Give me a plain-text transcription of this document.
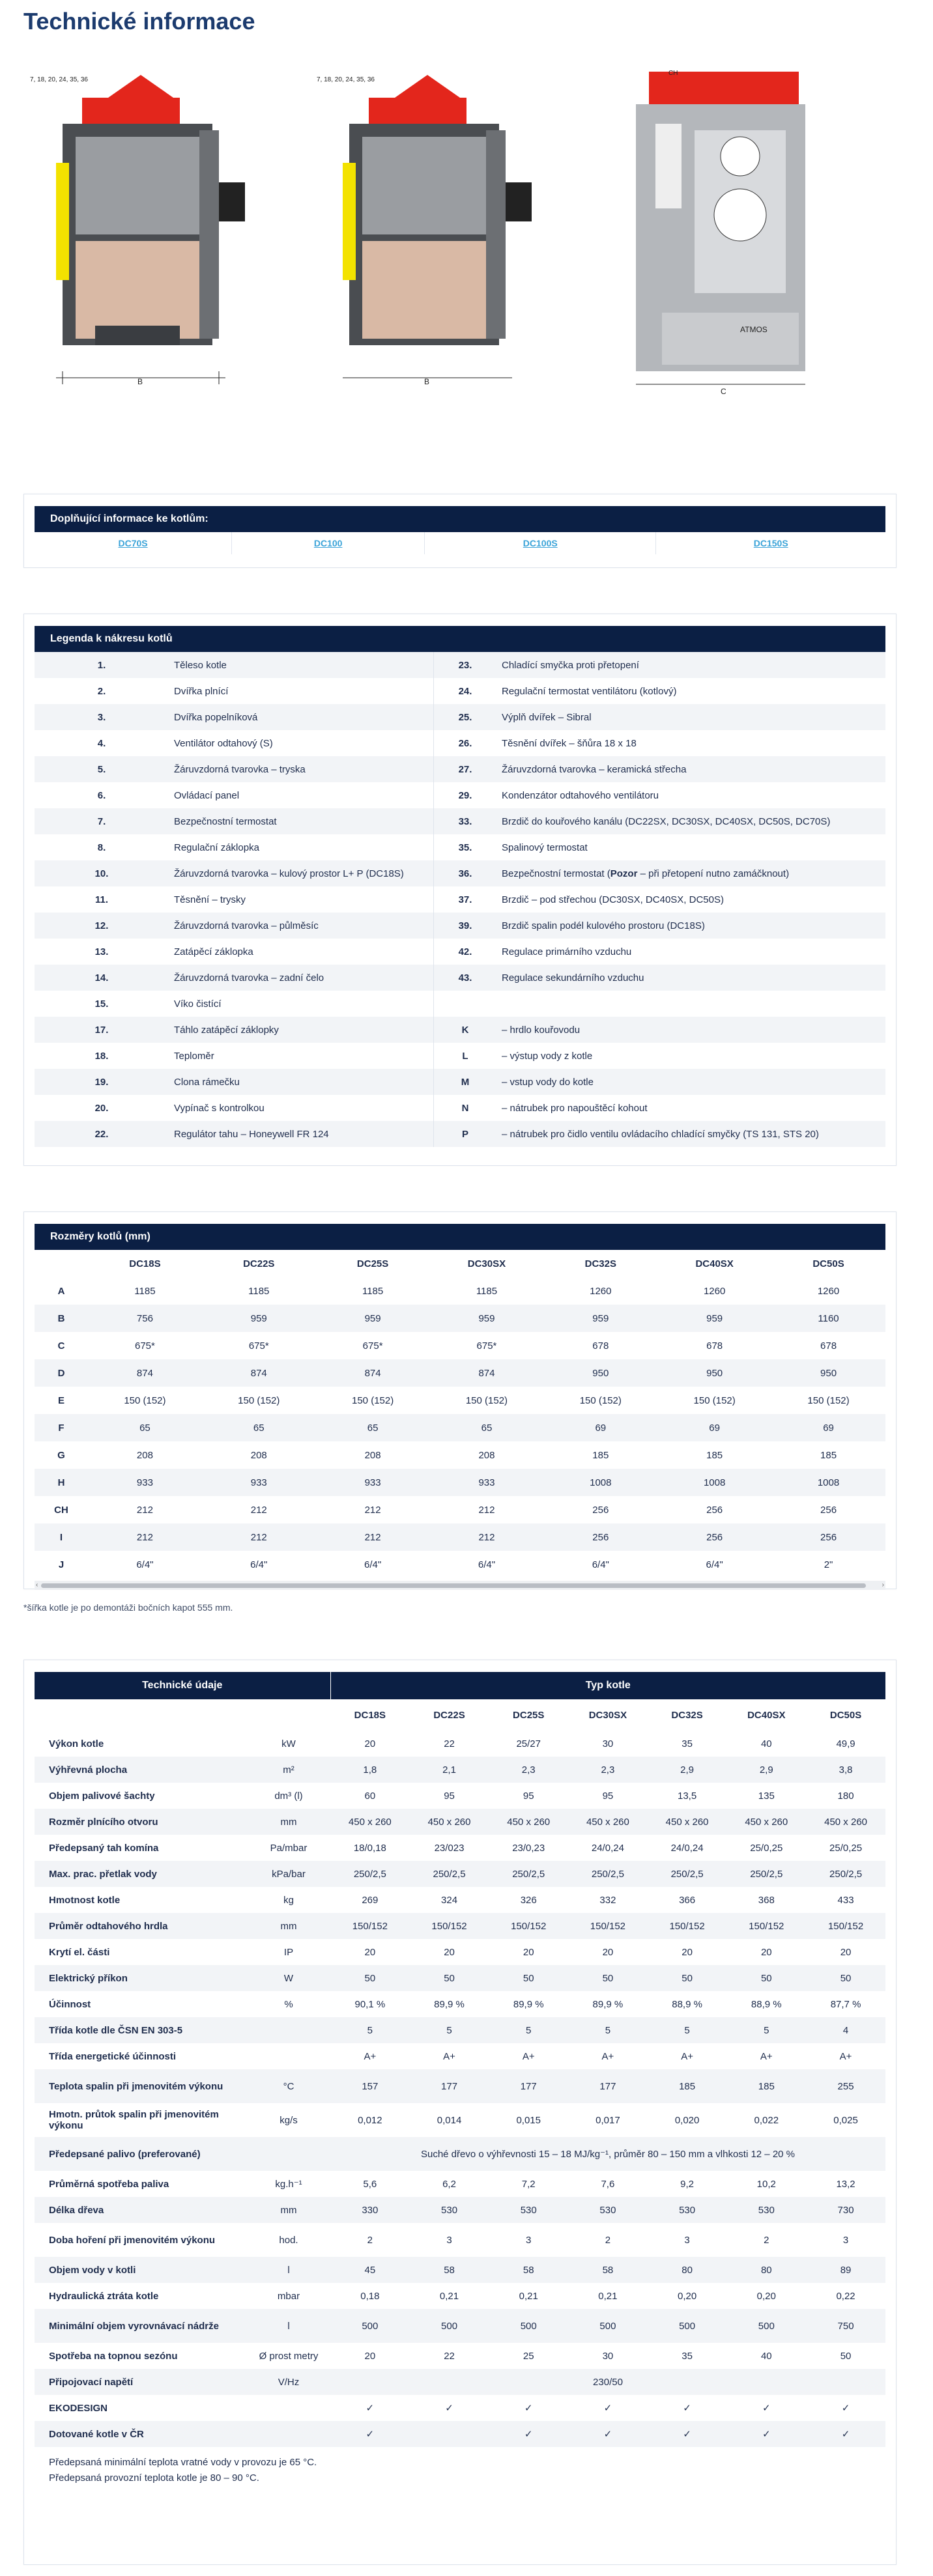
Technické informace
7, 18, 20, 24, 35, 36
B
7, 18, 20, 24, 35, 36
B
ATMOS
CH
C
Doplňující informace ke kotlům:
DC70S	DC100	DC100S	DC150S
Legenda k nákresu kotlů
1.	Těleso kotle	23.	Chladící smyčka proti přetopení
2.	Dvířka plnící	24.	Regulační termostat ventilátoru (kotlový)
3.	Dvířka popelníková	25.	Výplň dvířek – Sibral
4.	Ventilátor odtahový (S)	26.	Těsnění dvířek – šňůra 18 x 18
5.	Žáruvzdorná tvarovka – tryska	27.	Žáruvzdorná tvarovka – keramická střecha
6.	Ovládací panel	29.	Kondenzátor odtahového ventilátoru
7.	Bezpečnostní termostat	33.	Brzdič do kouřového kanálu (DC22SX, DC30SX, DC40SX, DC50S, DC70S)
8.	Regulační záklopka	35.	Spalinový termostat
10.	Žáruvzdorná tvarovka – kulový prostor L+ P (DC18S)	36.	Bezpečnostní termostat (Pozor – při přetopení nutno zamáčknout)
11.	Těsnění – trysky	37.	Brzdič – pod střechou (DC30SX, DC40SX, DC50S)
12.	Žáruvzdorná tvarovka – půlměsíc	39.	Brzdič spalin podél kulového prostoru (DC18S)
13.	Zatápěcí záklopka	42.	Regulace primárního vzduchu
14.	Žáruvzdorná tvarovka – zadní čelo	43.	Regulace sekundárního vzduchu
15.	Víko čistící		
17.	Táhlo zatápěcí záklopky	K	– hrdlo kouřovodu
18.	Teploměr	L	– výstup vody z kotle
19.	Clona rámečku	M	– vstup vody do kotle
20.	Vypínač s kontrolkou	N	– nátrubek pro napouštěcí kohout
22.	Regulátor tahu – Honeywell FR 124	P	– nátrubek pro čidlo ventilu ovládacího chladící smyčky (TS 131, STS 20)
Rozměry kotlů (mm)
	DC18S	DC22S	DC25S	DC30SX	DC32S	DC40SX	DC50S
A	1185	1185	1185	1185	1260	1260	1260
B	756	959	959	959	959	959	1160
C	675*	675*	675*	675*	678	678	678
D	874	874	874	874	950	950	950
E	150 (152)	150 (152)	150 (152)	150 (152)	150 (152)	150 (152)	150 (152)
F	65	65	65	65	69	69	69
G	208	208	208	208	185	185	185
H	933	933	933	933	1008	1008	1008
CH	212	212	212	212	256	256	256
I	212	212	212	212	256	256	256
J	6/4"	6/4"	6/4"	6/4"	6/4"	6/4"	2"
‹	›
*šířka kotle je po demontáži bočních kapot 555 mm.
Technické údaje		Typ kotle						
		DC18S	DC22S	DC25S	DC30SX	DC32S	DC40SX	DC50S
Výkon kotle	kW	20	22	25/27	30	35	40	49,9
Výhřevná plocha	m²	1,8	2,1	2,3	2,3	2,9	2,9	3,8
Objem palivové šachty	dm³ (l)	60	95	95	95	13,5	135	180
Rozměr plnícího otvoru	mm	450 x 260	450 x 260	450 x 260	450 x 260	450 x 260	450 x 260	450 x 260
Předepsaný tah komína	Pa/mbar	18/0,18	23/023	23/0,23	24/0,24	24/0,24	25/0,25	25/0,25
Max. prac. přetlak vody	kPa/bar	250/2,5	250/2,5	250/2,5	250/2,5	250/2,5	250/2,5	250/2,5
Hmotnost kotle	kg	269	324	326	332	366	368	433
Průměr odtahového hrdla	mm	150/152	150/152	150/152	150/152	150/152	150/152	150/152
Krytí el. části	IP	20	20	20	20	20	20	20
Elektrický příkon	W	50	50	50	50	50	50	50
Účinnost	%	90,1 %	89,9 %	89,9 %	89,9 %	88,9 %	88,9 %	87,7 %
Třída kotle dle ČSN EN 303-5		5	5	5	5	5	5	4
Třída energetické účinnosti		A+	A+	A+	A+	A+	A+	A+
Teplota spalin při jmenovitém výkonu	°C	157	177	177	177	185	185	255
Hmotn. průtok spalin při jmenovitém výkonu	kg/s	0,012	0,014	0,015	0,017	0,020	0,022	0,025
Předepsané palivo (preferované)		Suché dřevo o výhřevnosti 15 – 18 MJ/kg⁻¹, průměr 80 – 150 mm a vlhkosti 12 – 20 %						
Průměrná spotřeba paliva	kg.h⁻¹	5,6	6,2	7,2	7,6	9,2	10,2	13,2
Délka dřeva	mm	330	530	530	530	530	530	730
Doba hoření při jmenovitém výkonu	hod.	2	3	3	2	3	2	3
Objem vody v kotli	l	45	58	58	58	80	80	89
Hydraulická ztráta kotle	mbar	0,18	0,21	0,21	0,21	0,20	0,20	0,22
Minimální objem vyrovnávací nádrže	l	500	500	500	500	500	500	750
Spotřeba na topnou sezónu	Ø prost metry	20	22	25	30	35	40	50
Připojovací napětí	V/Hz	230/50						
EKODESIGN		✓	✓	✓	✓	✓	✓	✓
Dotované kotle v ČR		✓		✓	✓	✓	✓	✓
Předepsaná minimální teplota vratné vody v provozu je 65 °C.
Předepsaná provozní teplota kotle je 80 – 90 °C.
